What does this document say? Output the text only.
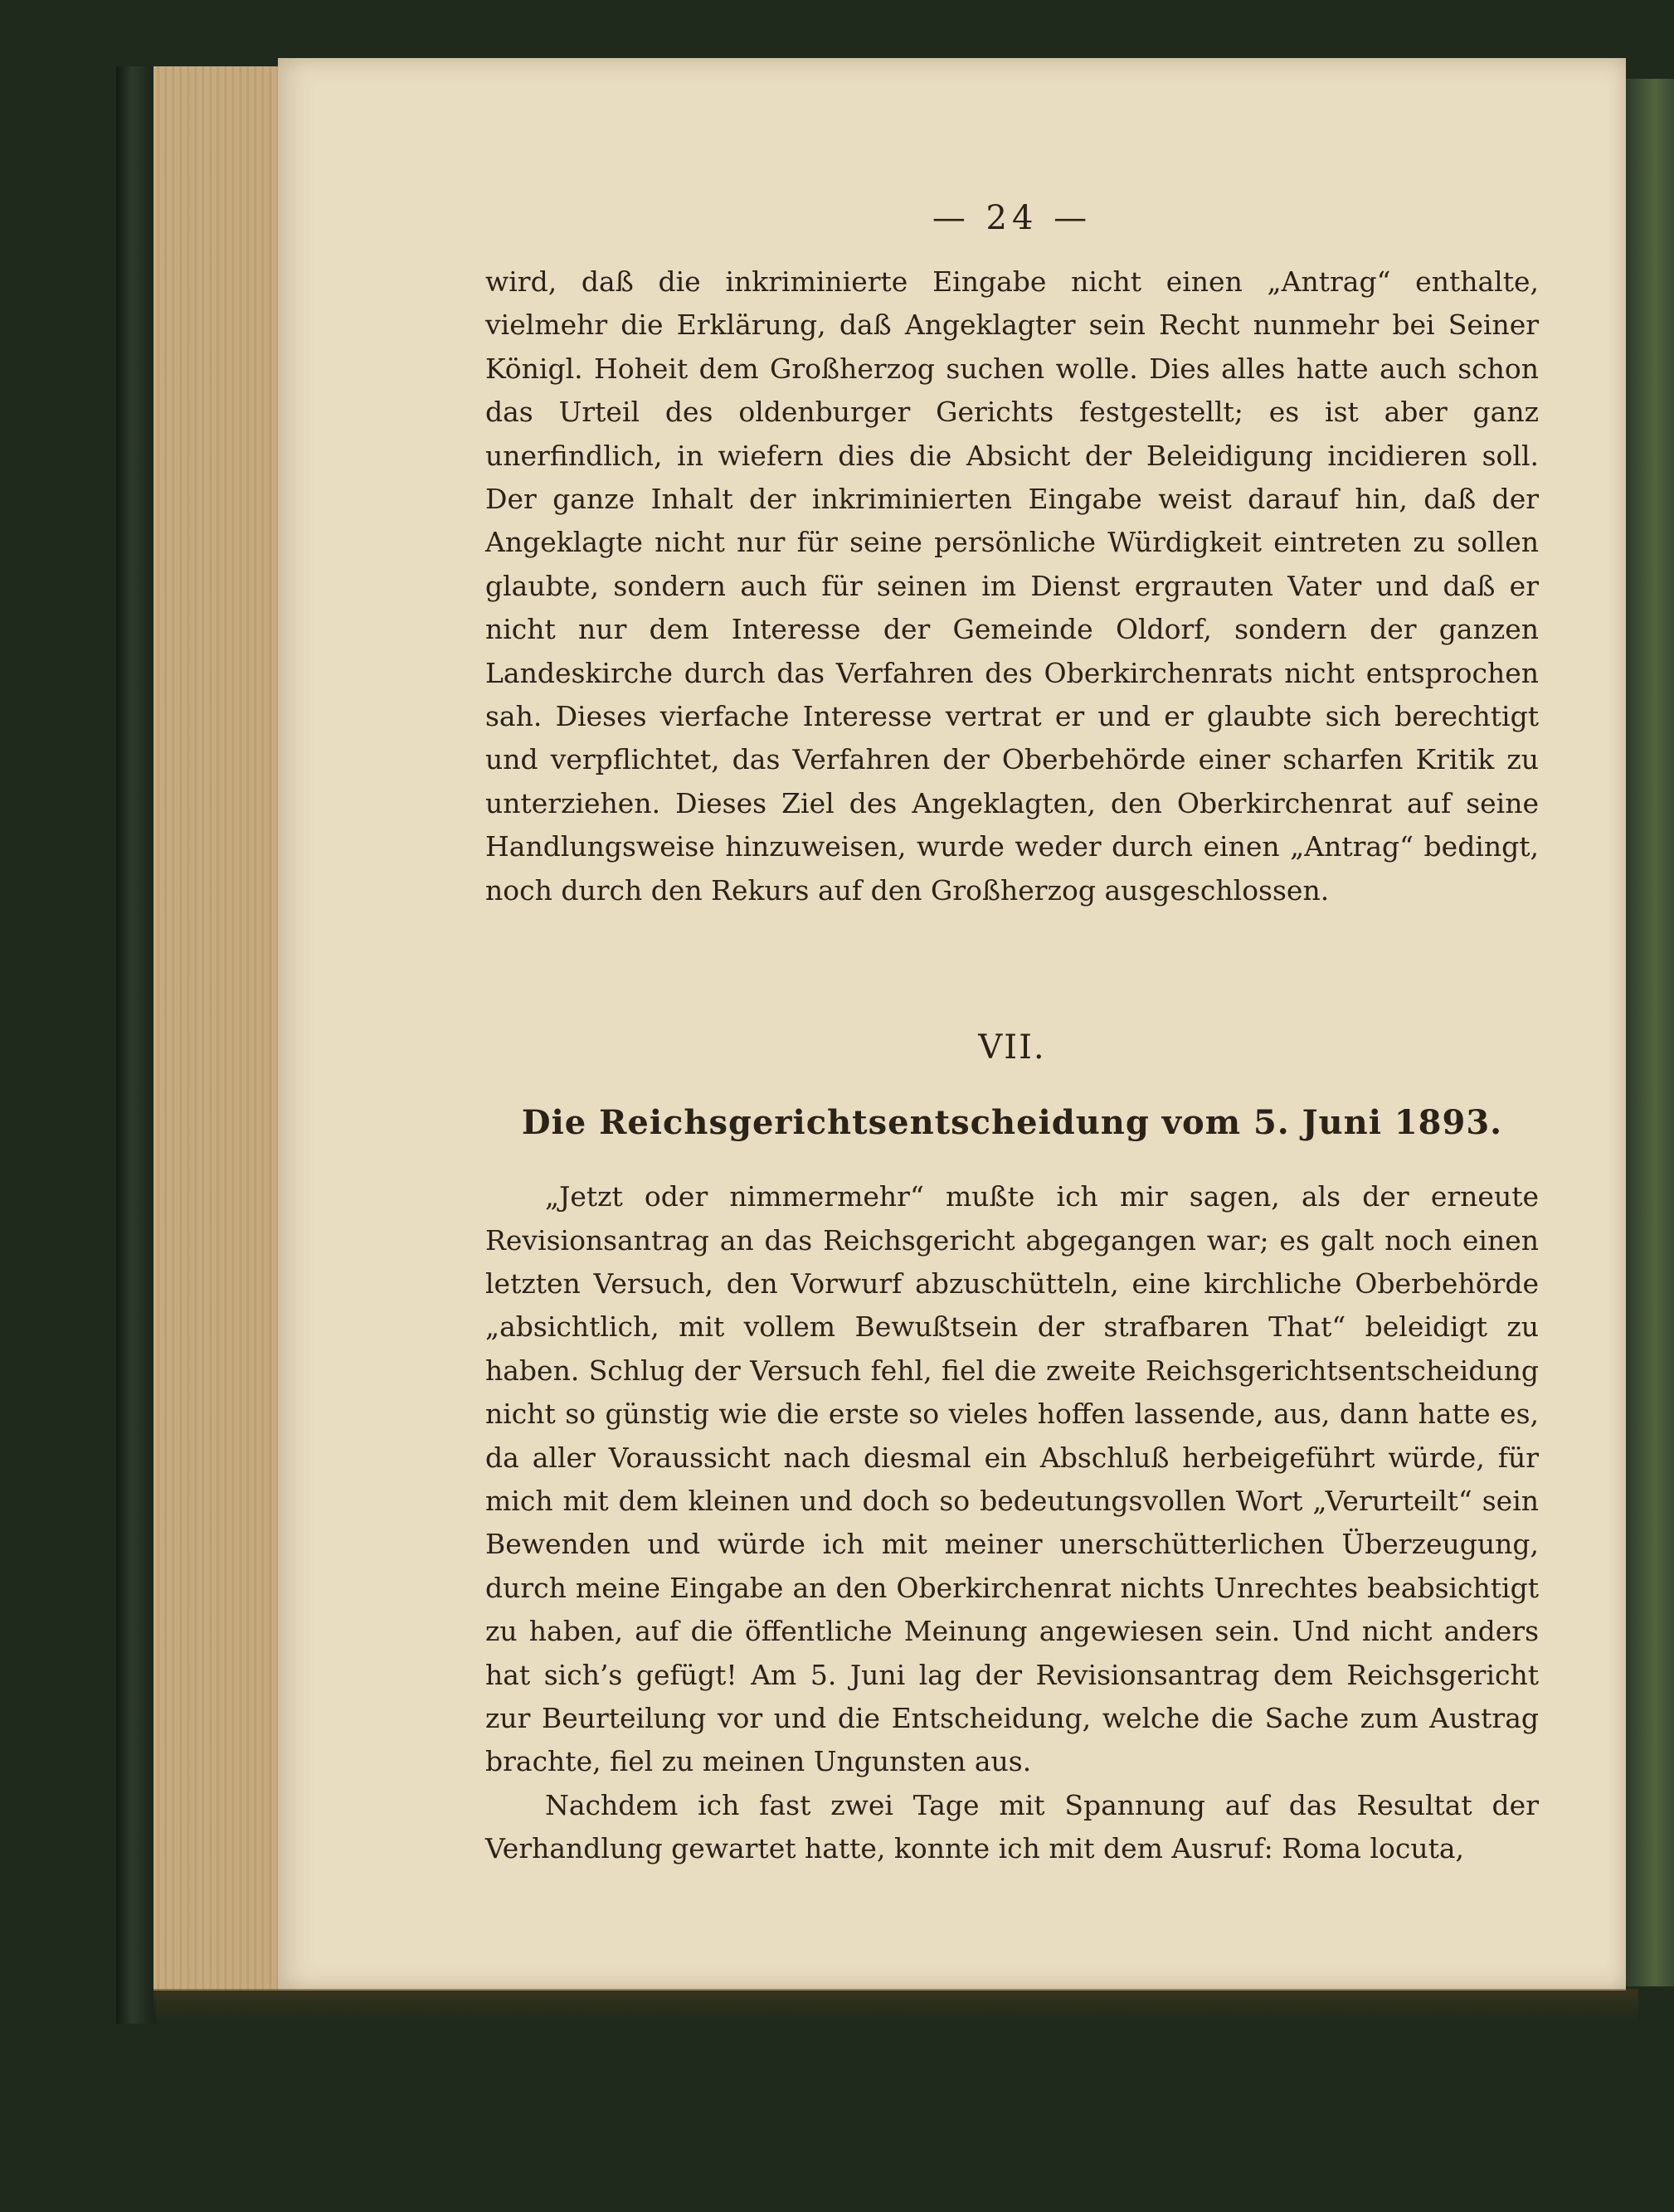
— 24 —

wird, daß die inkriminierte Eingabe nicht einen „Antrag“ enthalte, vielmehr die Erklärung, daß Angeklagter sein Recht nunmehr bei Seiner Königl. Hoheit dem Großherzog suchen wolle. Dies alles hatte auch schon das Urteil des oldenburger Gerichts festgestellt; es ist aber ganz unerfindlich, in wiefern dies die Absicht der Beleidigung incidieren soll. Der ganze Inhalt der inkriminierten Eingabe weist darauf hin, daß der Angeklagte nicht nur für seine persönliche Würdigkeit eintreten zu sollen glaubte, sondern auch für seinen im Dienst ergrauten Vater und daß er nicht nur dem Interesse der Gemeinde Oldorf, sondern der ganzen Landeskirche durch das Verfahren des Oberkirchenrats nicht entsprochen sah. Dieses vierfache Interesse vertrat er und er glaubte sich berechtigt und verpflichtet, das Verfahren der Oberbehörde einer scharfen Kritik zu unterziehen. Dieses Ziel des Angeklagten, den Oberkirchenrat auf seine Handlungsweise hinzuweisen, wurde weder durch einen „Antrag“ bedingt, noch durch den Rekurs auf den Großherzog ausgeschlossen.

VII.
Die Reichsgerichtsentscheidung vom 5. Juni 1893.

„Jetzt oder nimmermehr“ mußte ich mir sagen, als der erneute Revisionsantrag an das Reichsgericht abgegangen war; es galt noch einen letzten Versuch, den Vorwurf abzuschütteln, eine kirchliche Oberbehörde „absichtlich, mit vollem Bewußtsein der strafbaren That“ beleidigt zu haben. Schlug der Versuch fehl, fiel die zweite Reichsgerichtsentscheidung nicht so günstig wie die erste so vieles hoffen lassende, aus, dann hatte es, da aller Voraussicht nach diesmal ein Abschluß herbeigeführt würde, für mich mit dem kleinen und doch so bedeutungsvollen Wort „Verurteilt“ sein Bewenden und würde ich mit meiner unerschütterlichen Überzeugung, durch meine Eingabe an den Oberkirchenrat nichts Unrechtes beabsichtigt zu haben, auf die öffentliche Meinung angewiesen sein. Und nicht anders hat sich’s gefügt! Am 5. Juni lag der Revisionsantrag dem Reichsgericht zur Beurteilung vor und die Entscheidung, welche die Sache zum Austrag brachte, fiel zu meinen Ungunsten aus.

Nachdem ich fast zwei Tage mit Spannung auf das Resultat der Verhandlung gewartet hatte, konnte ich mit dem Ausruf: Roma locuta,
